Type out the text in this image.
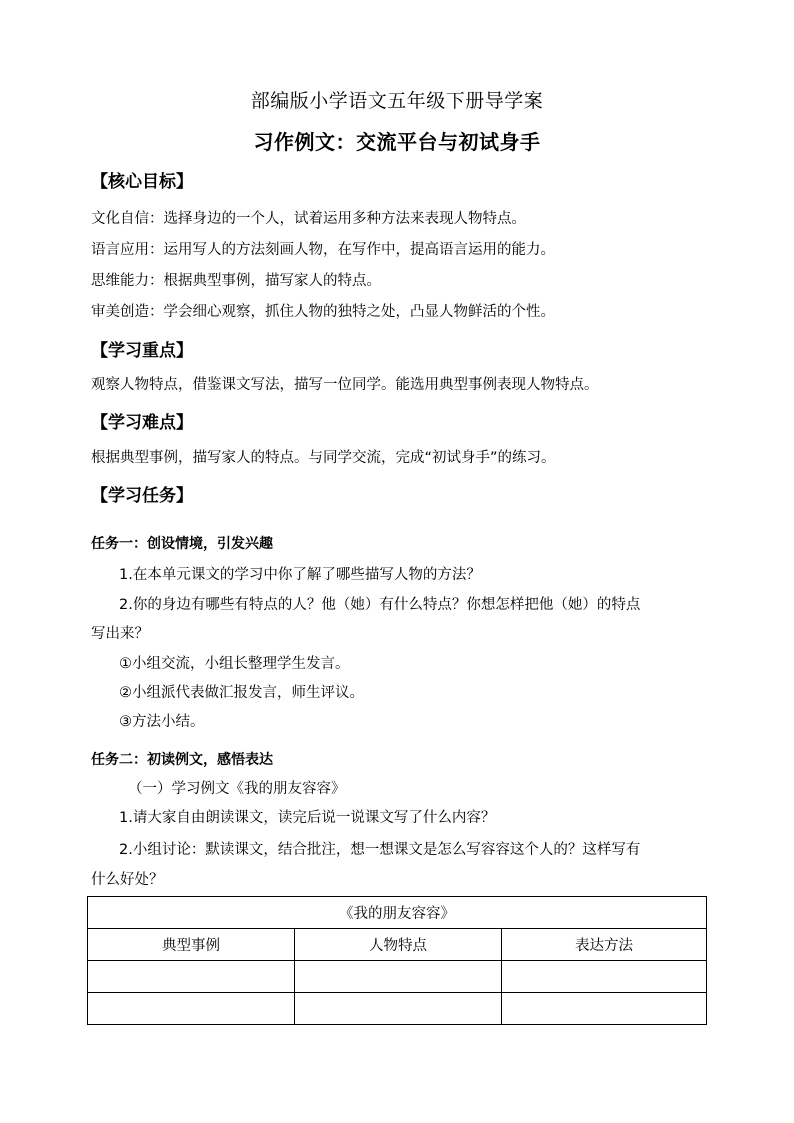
部编版小学语文五年级下册导学案
习作例文：交流平台与初试身手
【核心目标】
文化自信：选择身边的一个人，试着运用多种方法来表现人物特点。
语言应用：运用写人的方法刻画人物，在写作中，提高语言运用的能力。
思维能力：根据典型事例，描写家人的特点。
审美创造：学会细心观察，抓住人物的独特之处，凸显人物鲜活的个性。
【学习重点】
观察人物特点，借鉴课文写法，描写一位同学。能选用典型事例表现人物特点。
【学习难点】
根据典型事例，描写家人的特点。与同学交流，完成“初试身手”的练习。
【学习任务】
任务一：创设情境，引发兴趣
1.在本单元课文的学习中你了解了哪些描写人物的方法？
2.你的身边有哪些有特点的人？他（她）有什么特点？你想怎样把他（她）的特点
写出来？
①小组交流，小组长整理学生发言。
②小组派代表做汇报发言，师生评议。
③方法小结。
任务二：初读例文，感悟表达
（一）学习例文《我的朋友容容》
1.请大家自由朗读课文，读完后说一说课文写了什么内容？
2.小组讨论：默读课文，结合批注，想一想课文是怎么写容容这个人的？这样写有
什么好处？
《我的朋友容容》		
典型事例	人物特点	表达方法
